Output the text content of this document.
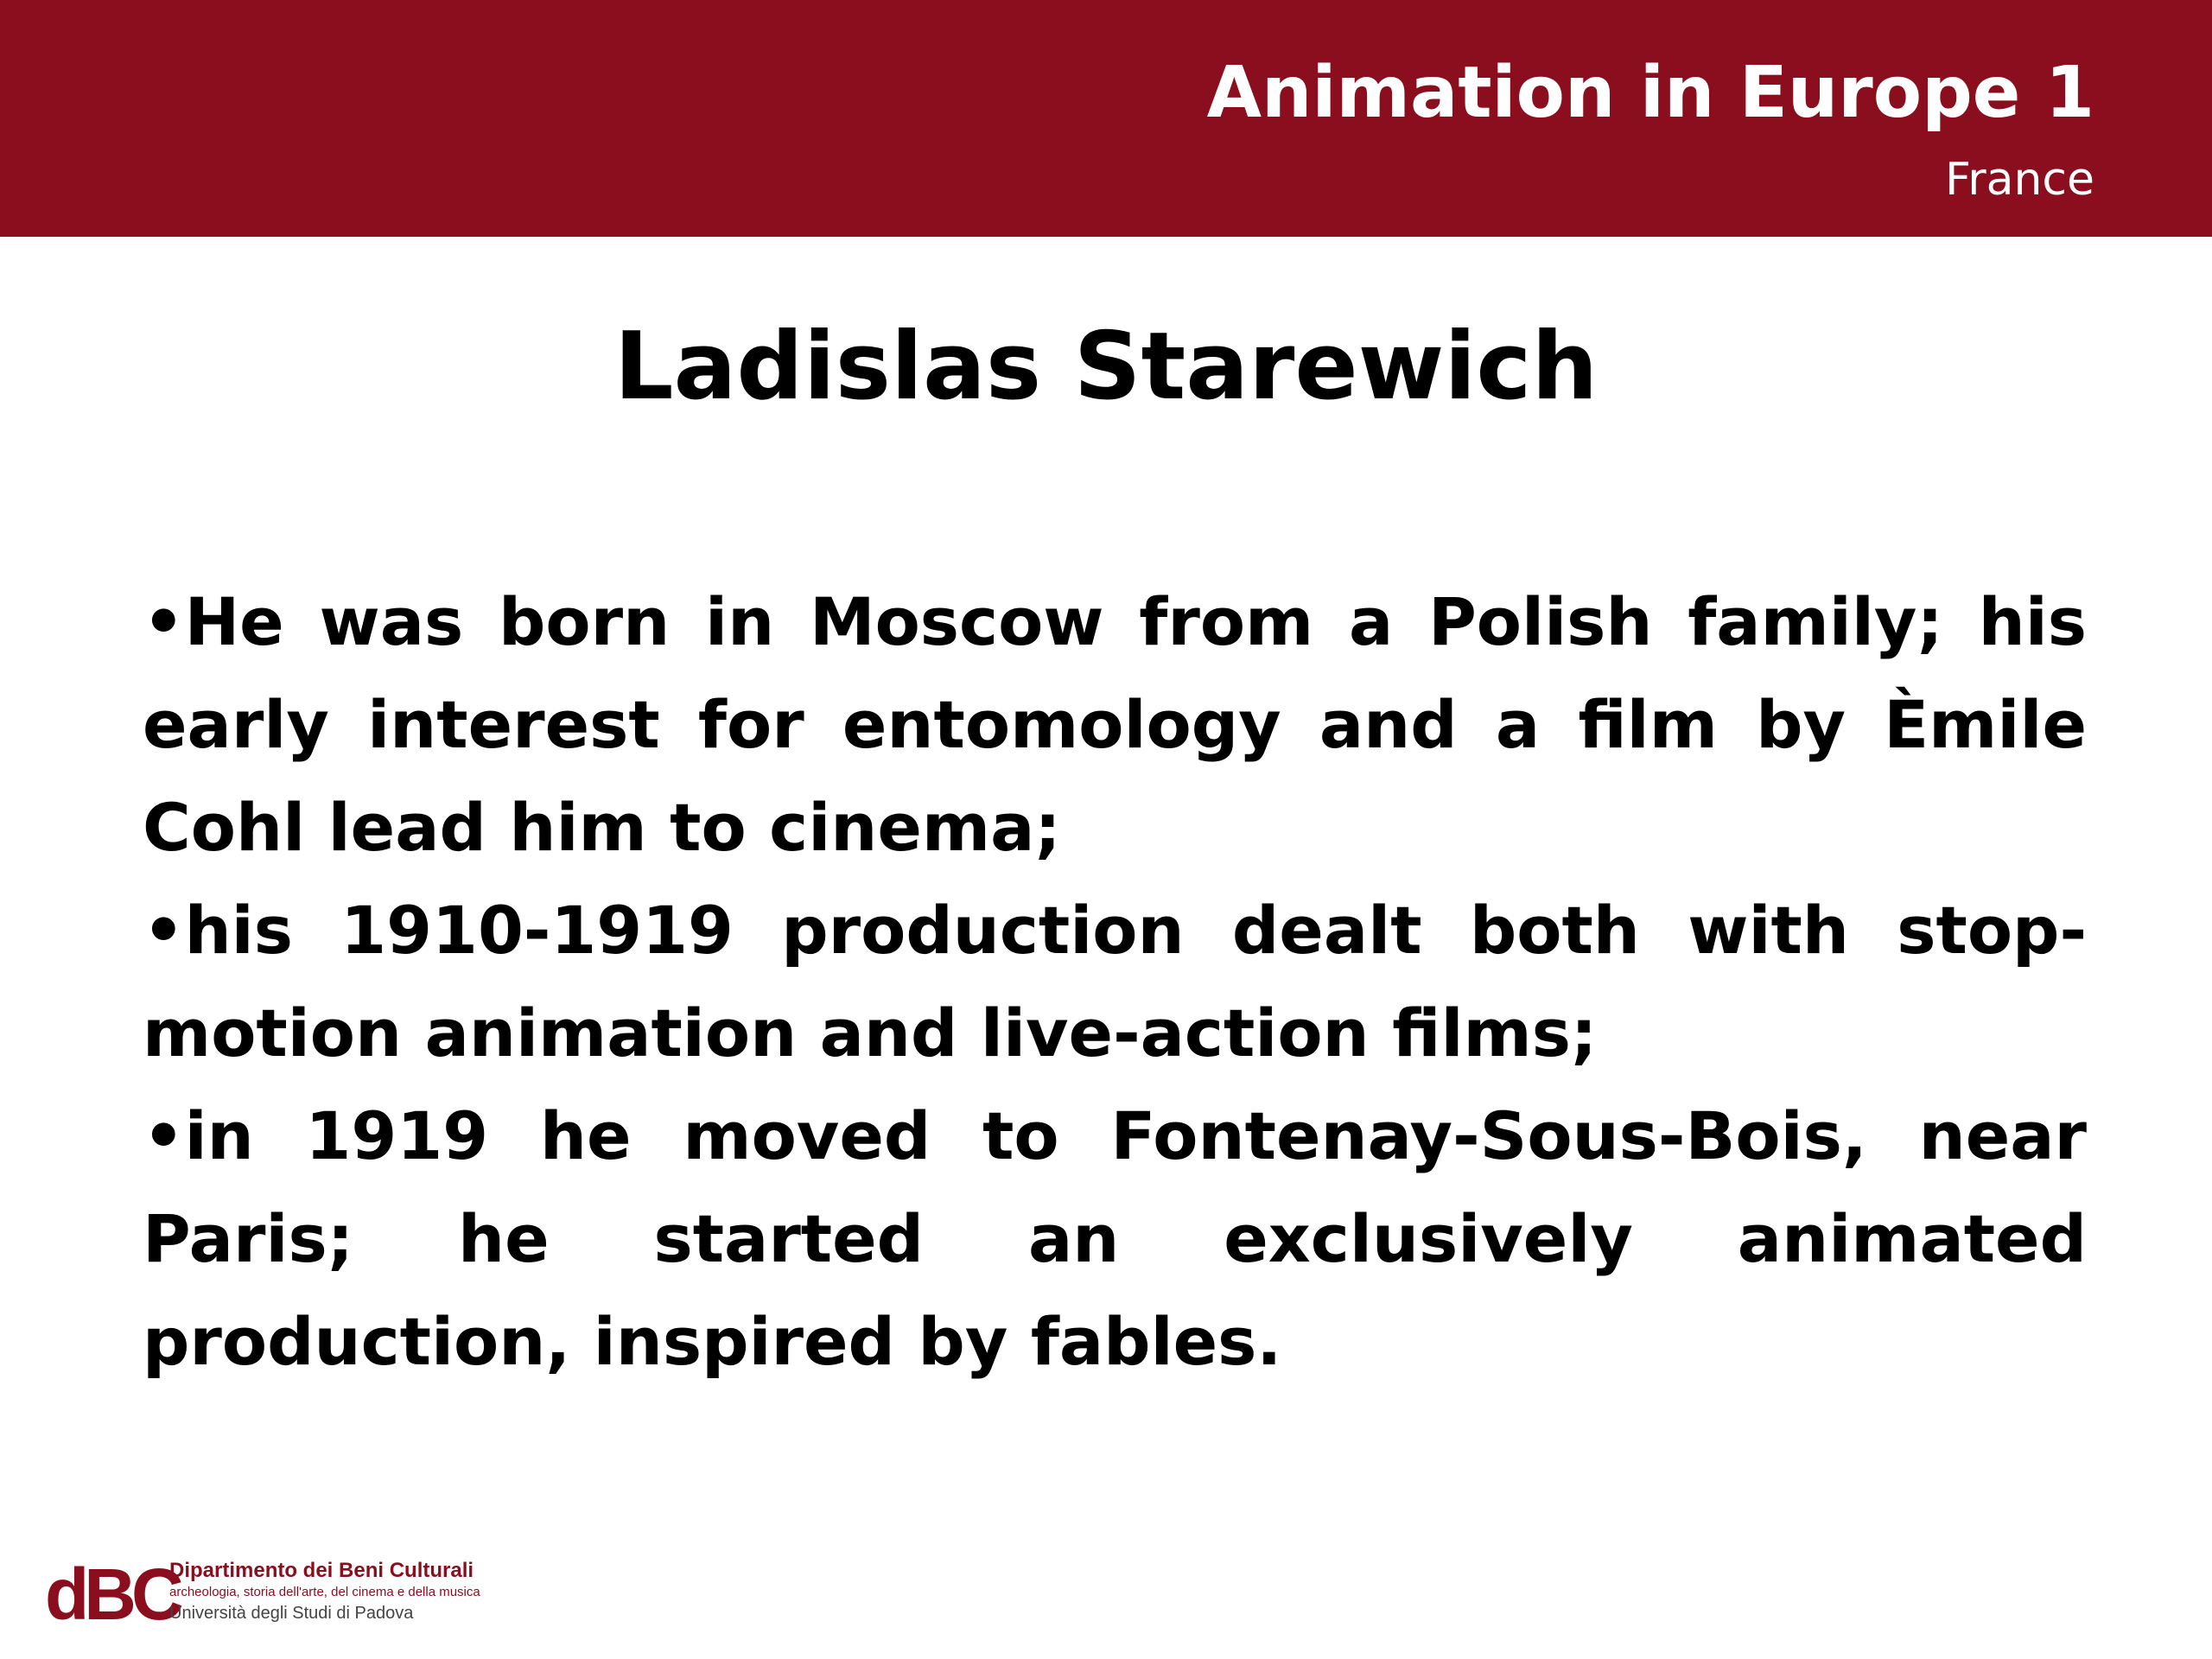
Animation in Europe 1
France
Ladislas Starewich

•He was born in Moscow from a Polish family; his early interest for entomology and a film by Èmile Cohl lead him to cinema;

•his 1910-1919 production dealt both with stop-motion animation and live-action films;

•in 1919 he moved to Fontenay-Sous-Bois, near Paris; he started an exclusively animated production, inspired by fables.

dBC
Dipartimento dei Beni Culturali
archeologia, storia dell'arte, del cinema e della musica
Università degli Studi di Padova
